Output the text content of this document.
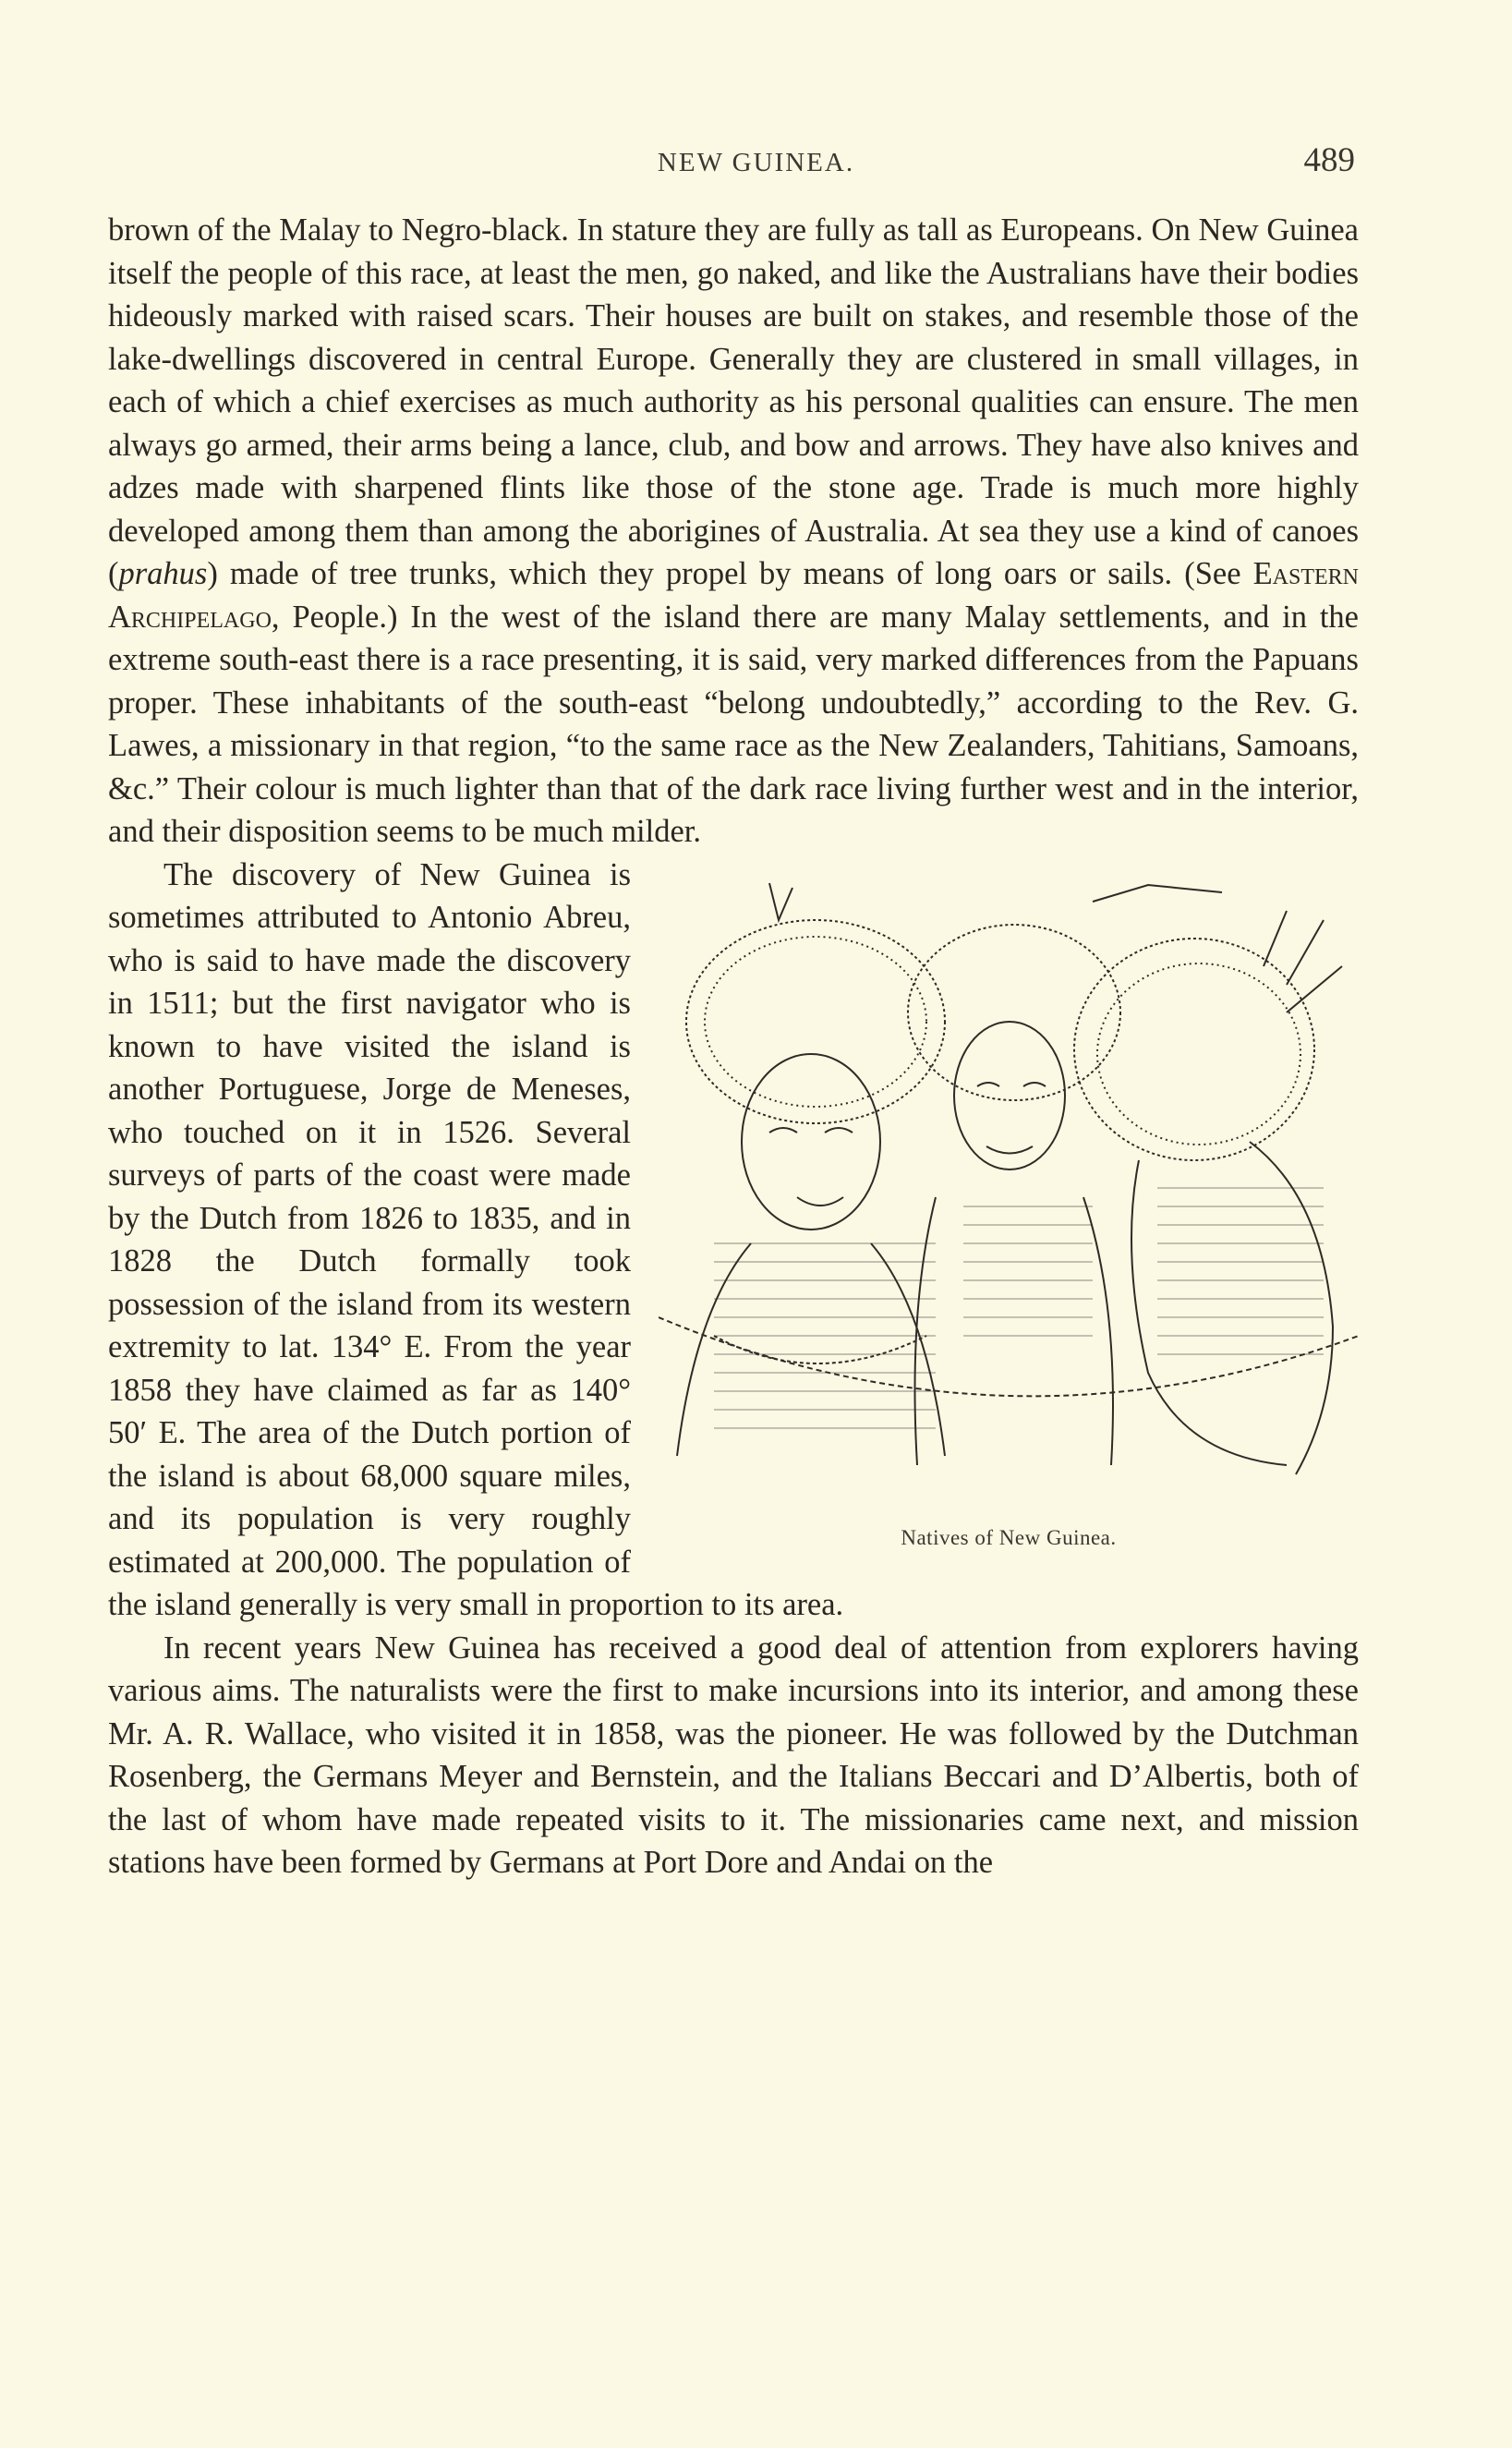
NEW GUINEA.	489

brown of the Malay to Negro-black. In stature they are fully as tall as Europeans. On New Guinea itself the people of this race, at least the men, go naked, and like the Australians have their bodies hideously marked with raised scars. Their houses are built on stakes, and resemble those of the lake-dwellings discovered in central Europe. Generally they are clustered in small villages, in each of which a chief exercises as much authority as his personal qualities can ensure. The men always go armed, their arms being a lance, club, and bow and arrows. They have also knives and adzes made with sharpened flints like those of the stone age. Trade is much more highly developed among them than among the aborigines of Australia. At sea they use a kind of canoes (prahus) made of tree trunks, which they propel by means of long oars or sails. (See Eastern Archipelago, People.) In the west of the island there are many Malay settlements, and in the extreme south-east there is a race presenting, it is said, very marked differences from the Papuans proper. These inhabitants of the south-east “belong undoubtedly,” according to the Rev. G. Lawes, a missionary in that region, “to the same race as the New Zealanders, Tahitians, Samoans, &c.” Their colour is much lighter than that of the dark race living further west and in the interior, and their disposition seems to be much milder.

Natives of New Guinea.

The discovery of New Guinea is sometimes attributed to Antonio Abreu, who is said to have made the discovery in 1511; but the first navigator who is known to have visited the island is another Portuguese, Jorge de Meneses, who touched on it in 1526. Several surveys of parts of the coast were made by the Dutch from 1826 to 1835, and in 1828 the Dutch formally took possession of the island from its western extremity to lat. 134° E. From the year 1858 they have claimed as far as 140° 50′ E. The area of the Dutch portion of the island is about 68,000 square miles, and its population is very roughly estimated at 200,000. The population of the island generally is very small in proportion to its area.

In recent years New Guinea has received a good deal of attention from explorers having various aims. The naturalists were the first to make incursions into its interior, and among these Mr. A. R. Wallace, who visited it in 1858, was the pioneer. He was followed by the Dutchman Rosenberg, the Germans Meyer and Bernstein, and the Italians Beccari and D’Albertis, both of the last of whom have made repeated visits to it. The missionaries came next, and mission stations have been formed by Germans at Port Dore and Andai on the
